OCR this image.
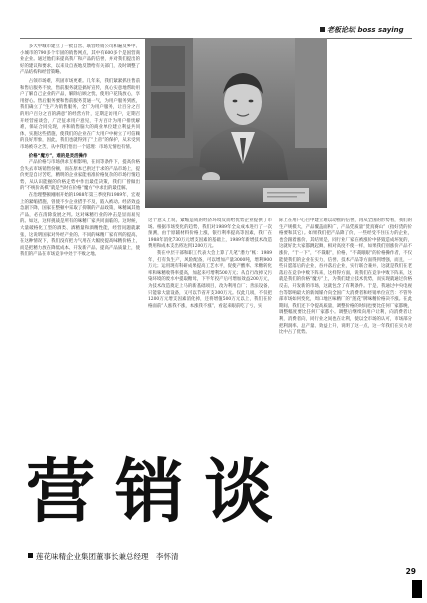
老板论坛 boss saying

多大中城市建立了一批自营、联营经销公司和遍及乡中、小城市的790多个牢固的销售网点，其中有600多个是国营商业企业。通过他们来提高我厂和产品的信誉，并对我们提出的好的建议和要求，以来及自查地反馈给有关部门，及时调整了产品结构和经营策略。

占领市场难，巩固市场更难。几年来，我们紧紧抓住售前和售后服务不放，售前服务就是搞好宣传，真心实意地帮助用户了解自己企业的产品，解除后顾之忧，使用户花钱放心，享用舒心。售后服务要和售前服务贯通一气，为用户服务到底，我们确立了“生产为销售服务，全厂为用户服务，让百分之百的用户百分之百的满意”的经营方针，定期走访用户，定期召开经营座谈会，广泛征求用户意见，千方百计为用户排忧解难，保证合同兑现，并和销售脑大的商业单位建立利益共同体，实施这些措施，使我们的企业在广大用户中树立了可信赖的良好形象，因此，我们也就得到了“上帝”的保护，从未受到市场被夺之苦，从中我们悟出一个道理：市场无情也有情。

价格“魔方”，难的是灵活操作

产品价格与市场供求互相影响，在同等条件下，提高价格会失去市场销售份额，而在原本已供过于求的产品市场上，提价更是自讨苦吃，精明的企业家能看准价格复杂的市场行情趋势，从认识能握的价格走势中作出最佳决策，我们厂曾做出的“不统价高棋”就是当时在价格“魔方”中求出的最佳解。

在治理整顿刚刚开始的1988年第三季度和1989年，宏观上的紧缩措施，曾使不少企业措手不及，陷入被动。经济效益急剧下降，国家在整顿中采取了抑制的产品政策，味精属其他产品，必在清除发展之列。这对味精行业的冲击是显而易见的。如这，这样挑战是所有的味精厂家共同面临的。这时候，大量破格化工型的酒类、酒精量和酒精性能，经营问题就紧张，这说明国家对外经产业的、不同的味精厂家有所的提高。在这种情况下，我们没有把力气用在大幅度提高味精价格上，而是把精力放在降低成本、开发新产品、提高产品质量上，使我们的产品在市场竞争中处于不败之地。

这个意义上说，紧缩造成的经济环境反而给优势企业提供了市场。根据市场变化的趋势，我们对1989年全众成本进行了一次预测，由于原辅材料价格上涨，银行利率提高等因素，我厂在1988年消化730万元增支因素的基础上，1989年新增技术改造费用和成本支出将达到1200万元。

我在中层干部和职工代表大会上算了几笔“潜力”帐：1989年，打有负生产，风险配备，可以增加产量3000吨，增利900万元；运用现有科研成果提高工艺水平，促使产酸率、米糖转化率和味精收得率提高，加起来可增利500万元；从自行改掉又污染环境的废水中提取糖母，下半年投产后可增加效益200万元，为技术改造奠定上马的新基础项目，改为利用自厂；善法设备，只能靠大量设备，又可以节省开支300万元。仅此几项，不仅把1200万元增支因素消化掉，还将增值500万元以上，我们在价格面前“人涨我不涨，本涨我不涨”，看起来眼前吃了亏，实

际上在用户心目中建立难以动摇的信誉，再从全国的形势看，我们的生产规模大，产品覆盖面积广，产品凭质量“货真赛山”（指好货的价格要和其它）。如果我们把产品降了价，一些经受不住压力的企业，也会跟着涨价，其结果是，同行业厂家在被涨价中挤毁造成坏复的，这就好比大家都跳起舞，相对高度不使一样，如果我们别涨价产品不涨价，“于一下”，“不裁眼”，价格，“不裁眼眼”的价格操作者，不仅能使我们的企业在实力，信誉、技术产品等方面得到增强，而且，一些日愿落后的企业，吞并落后企业，实行联合兼并，这就是我们在老落后在竞争中败下阵来，这样得方面，说我们在竞争中败下阵来，这就是我们的价格“魔方”上，为我们建立技术优势，而实现就通过价格反击，开发新的市场，这就包含了有利条件。于是，我通过中央电视台等影响最大的新闻媒介向全国广大消费者和经销单位宣告：不管外部市场如何变化，周口地区味精厂的“莲花”牌味精价格决不涨。在此期间，我们还下令提高质量，调整价格的时间也要比任何厂家都晚，调整幅度要比任何厂家都小。调整后继续向用户让利，向消费者让利，消费者向，同行业之间也在让利，使以全市场的认可，市场部分把利润率、总产量、效益上升，说明了这一点，这一年我们在实力对比中占了优势。

营销谈
莲花味精企业集团董事长兼总经理　李怀清
29
